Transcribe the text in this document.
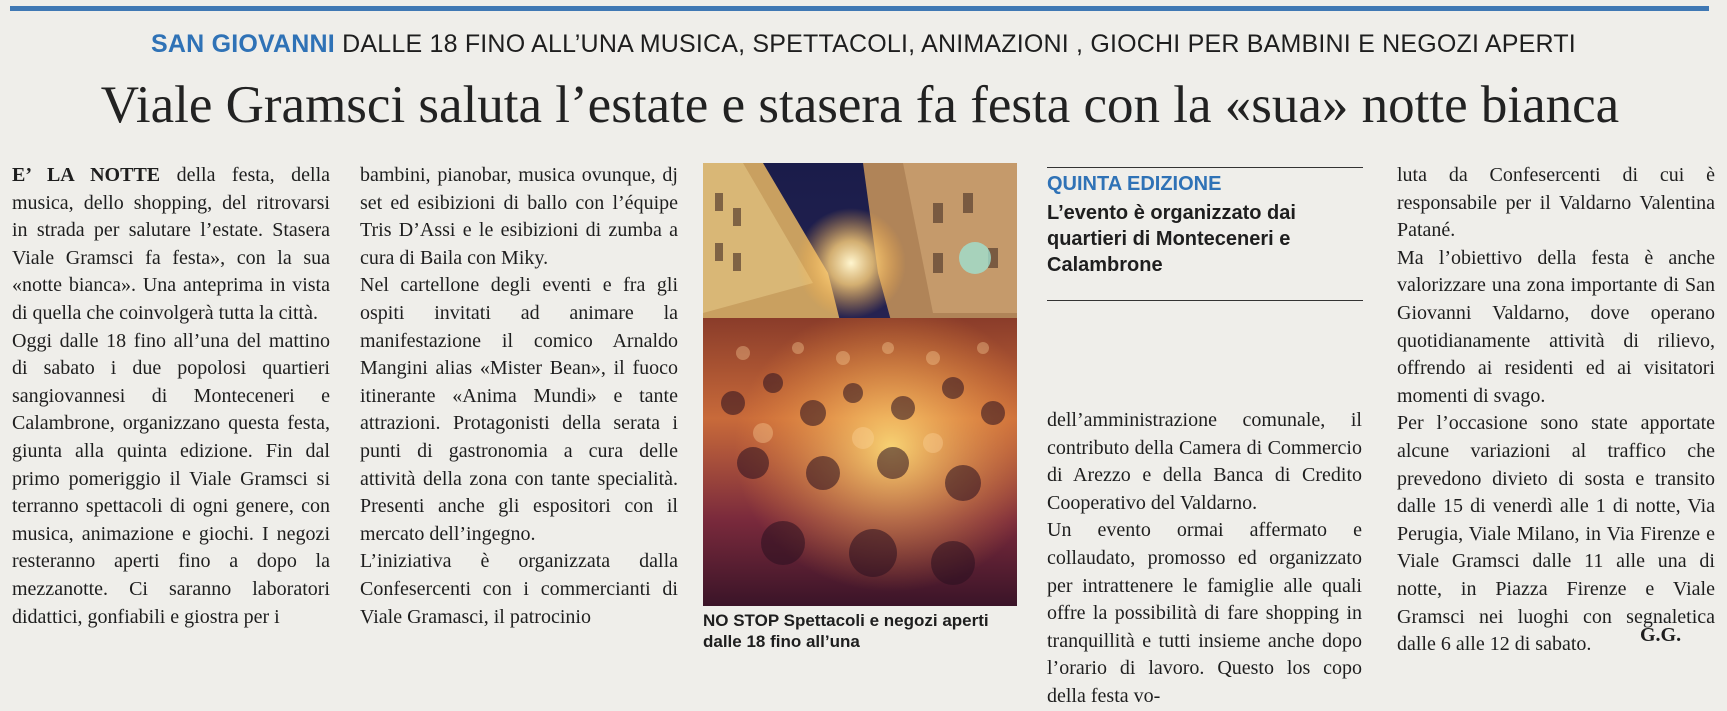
SAN GIOVANNI DALLE 18 FINO ALL’UNA MUSICA, SPETTACOLI, ANIMAZIONI , GIOCHI PER BAMBINI E NEGOZI APERTI
Viale Gramsci saluta l’estate e stasera fa festa con la «sua» notte bianca

E’ LA NOTTE della festa, della musica, dello shopping, del ritrovarsi in strada per salutare l’estate. Stasera Viale Gramsci fa festa», con la sua «notte bianca». Una anteprima in vista di quella che coinvolgerà tutta la città.

Oggi dalle 18 fino all’una del mattino di sabato i due popolosi quartieri sangiovannesi di Monteceneri e Calambrone, organizzano questa festa, giunta alla quinta edizione. Fin dal primo pomeriggio il Viale Gramsci si terranno spettacoli di ogni genere, con musica, animazione e giochi. I negozi resteranno aperti fino a dopo la mezzanotte. Ci saranno laboratori didattici, gonfiabili e giostra per i

bambini, pianobar, musica ovunque, dj set ed esibizioni di ballo con l’équipe Tris D’Assi e le esibizioni di zumba a cura di Baila con Miky.

Nel cartellone degli eventi e fra gli ospiti invitati ad animare la manifestazione il comico Arnaldo Mangini alias «Mister Bean», il fuoco itinerante «Anima Mundi» e tante attrazioni. Protagonisti della serata i punti di gastronomia a cura delle attività della zona con tante specialità. Presenti anche gli espositori con il mercato dell’ingegno.

L’iniziativa è organizzata dalla Confesercenti con i commercianti di Viale Gramasci, il patrocinio	NO STOP Spettacoli e negozi aperti dalle 18 fino all’una
QUINTA EDIZIONE
L’evento è organizzato dai quartieri di Monteceneri e Calambrone

dell’amministrazione comunale, il contributo della Camera di Commercio di Arezzo e della Banca di Credito Cooperativo del Valdarno.

Un evento ormai affermato e collaudato, promosso ed organizzato per intrattenere le famiglie alle quali offre la possibilità di fare shopping in tranquillità e tutti insieme anche dopo l’orario di lavoro. Questo los copo della festa vo-

luta da Confesercenti di cui è responsabile per il Valdarno Valentina Patané.

Ma l’obiettivo della festa è anche valorizzare una zona importante di San Giovanni Valdarno, dove operano quotidianamente attività di rilievo, offrendo ai residenti ed ai visitatori momenti di svago.

Per l’occasione sono state apportate alcune variazioni al traffico che prevedono divieto di sosta e transito dalle 15 di venerdì alle 1 di notte, Via Perugia, Viale Milano, in Via Firenze e Viale Gramsci dalle 11 alle una di notte, in Piazza Firenze e Viale Gramsci nei luoghi con segnaletica dalle 6 alle 12 di sabato.	G.G.
